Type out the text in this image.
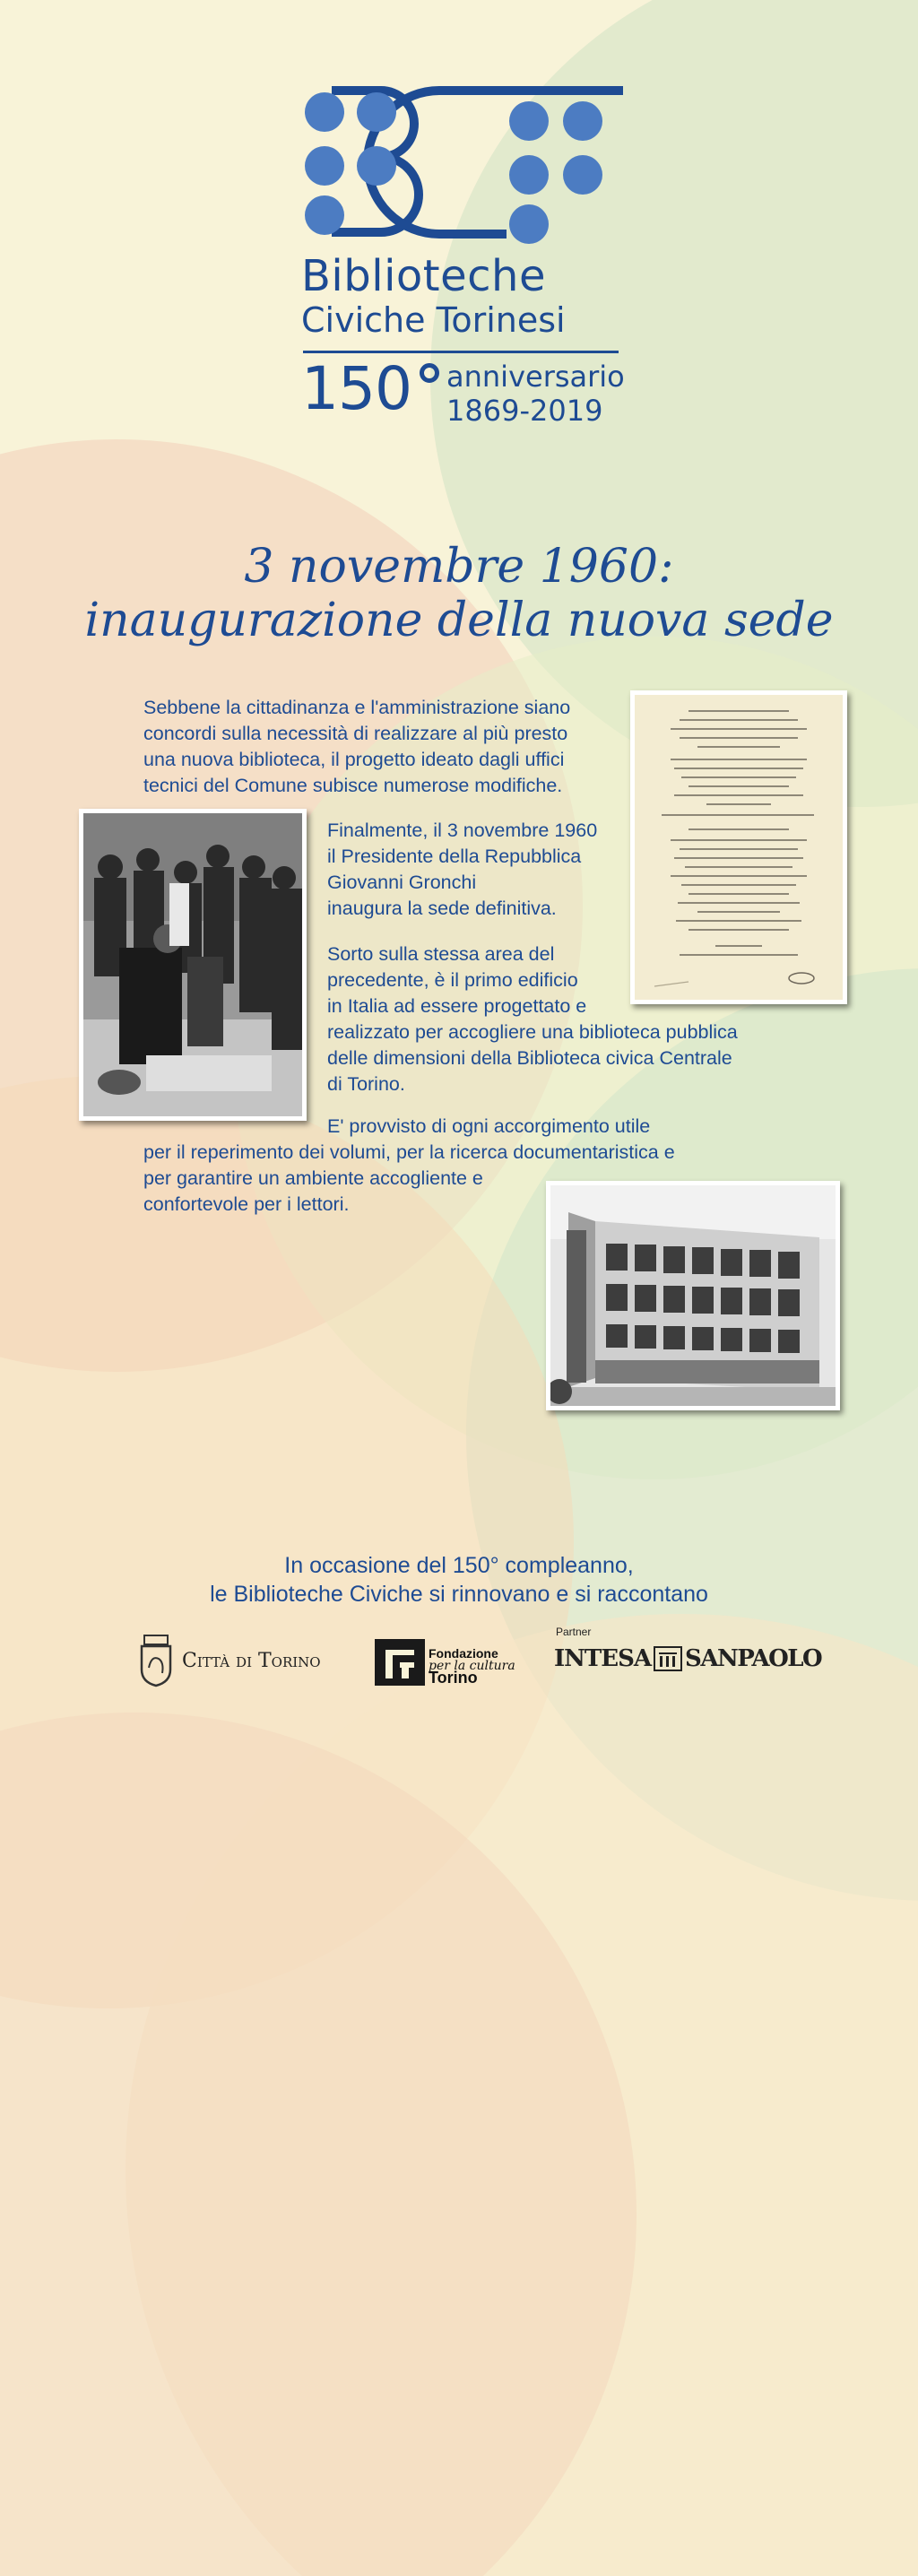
Biblioteche
Civiche Torinesi
150 anniversario
1869-2019
3 novembre 1960:
inaugurazione della nuova sede

Sebbene la cittadinanza e l'amministrazione siano
concordi sulla necessità di realizzare al più presto
una nuova biblioteca, il progetto ideato dagli uffici
tecnici del Comune subisce numerose modifiche.

Finalmente, il 3 novembre 1960
il Presidente della Repubblica
Giovanni Gronchi
inaugura la sede definitiva.

Sorto sulla stessa area del
precedente, è il primo edificio
in Italia ad essere progettato e
realizzato per accogliere una biblioteca pubblica
delle dimensioni della Biblioteca civica Centrale
di Torino.

E' provvisto di ogni accorgimento utile
per il reperimento dei volumi, per la ricerca documentaristica e
per garantire un ambiente accogliente e
confortevole per i lettori.

In occasione del 150° compleanno,
le Biblioteche Civiche si rinnovano e si raccontano
Città di Torino	Fondazione
per la cultura
Torino
Partner
INTESA SANPAOLO
